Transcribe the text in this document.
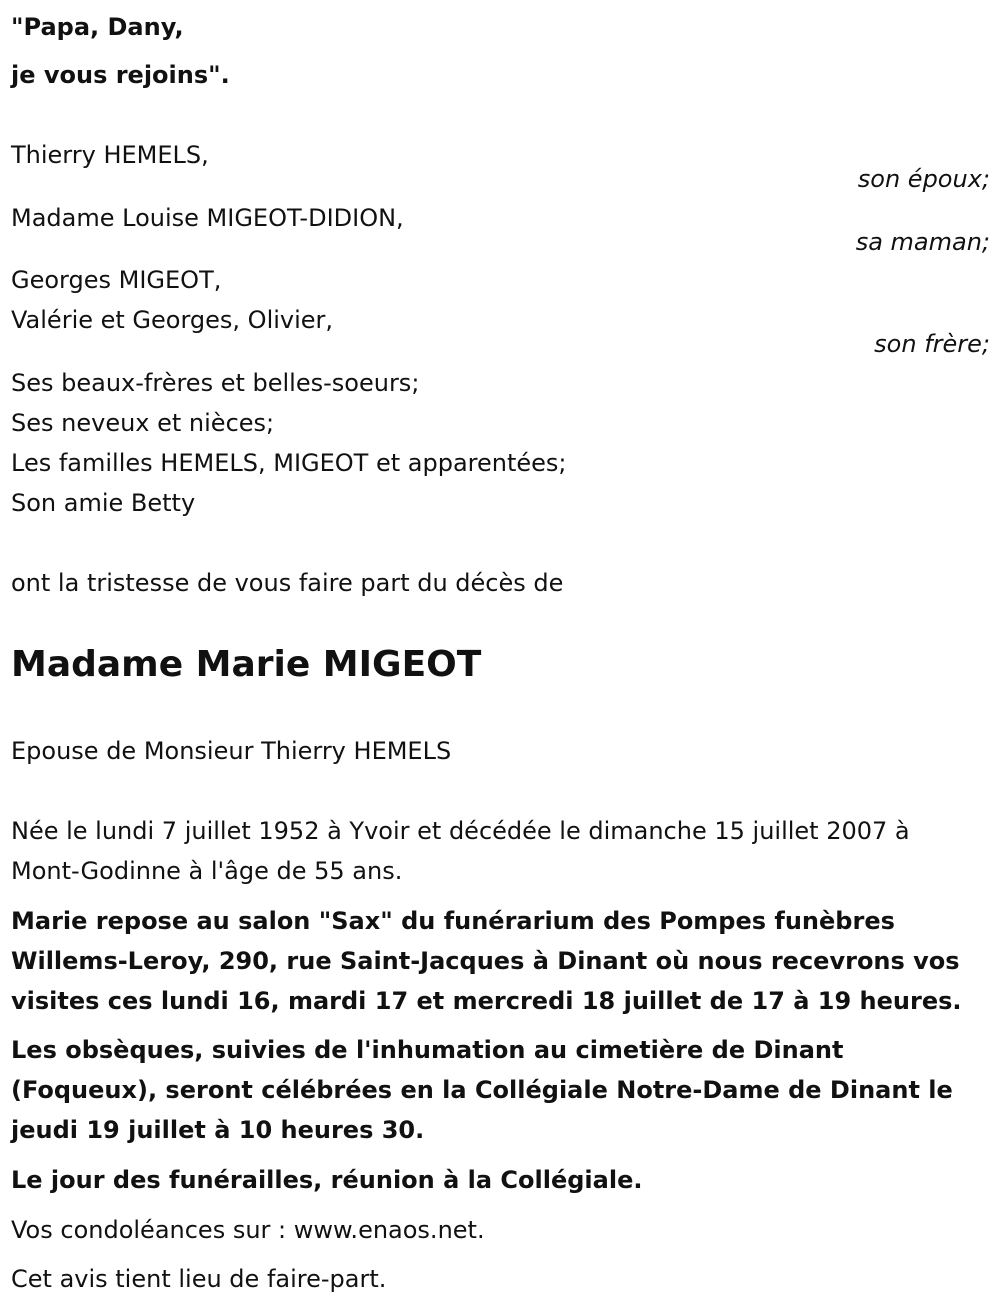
"Papa, Dany,
je vous rejoins".
Thierry HEMELS,
son époux;
Madame Louise MIGEOT-DIDION,
sa maman;
Georges MIGEOT,
Valérie et Georges, Olivier,
son frère;
Ses beaux-frères et belles-soeurs;
Ses neveux et nièces;
Les familles HEMELS, MIGEOT et apparentées;
Son amie Betty
ont la tristesse de vous faire part du décès de
Madame Marie MIGEOT
Epouse de Monsieur Thierry HEMELS
Née le lundi 7 juillet 1952 à Yvoir et décédée le dimanche 15 juillet 2007 à Mont-Godinne à l'âge de 55 ans.
Marie repose au salon "Sax" du funérarium des Pompes funèbres Willems-Leroy, 290, rue Saint-Jacques à Dinant où nous recevrons vos visites ces lundi 16, mardi 17 et mercredi 18 juillet de 17 à 19 heures.
Les obsèques, suivies de l'inhumation au cimetière de Dinant (Foqueux), seront célébrées en la Collégiale Notre-Dame de Dinant le jeudi 19 juillet à 10 heures 30.
Le jour des funérailles, réunion à la Collégiale.
Vos condoléances sur : www.enaos.net.
Cet avis tient lieu de faire-part.
